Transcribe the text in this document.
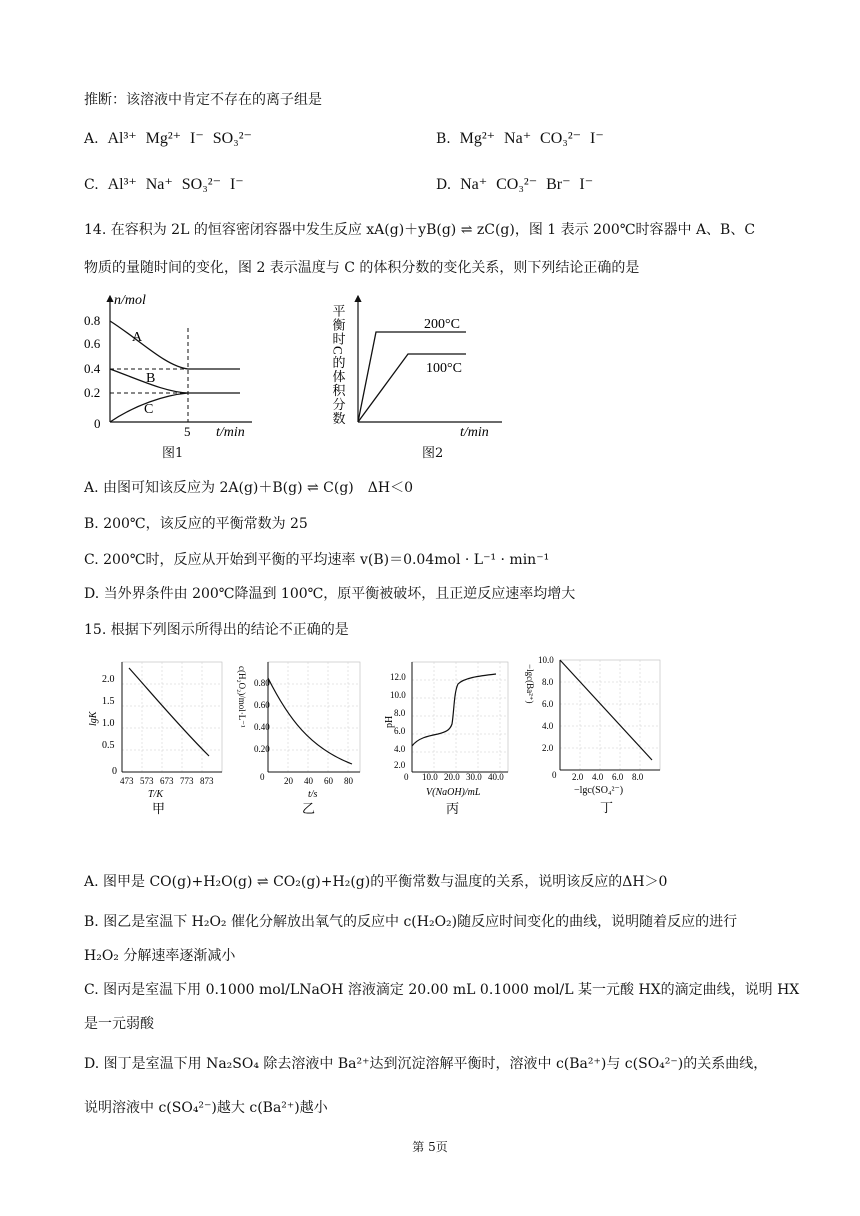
推断：该溶液中肯定不存在的离子组是
A. Al³⁺ Mg²⁺ I⁻ SO₃²⁻	B. Mg²⁺ Na⁺ CO₃²⁻ I⁻
C. Al³⁺ Na⁺ SO₃²⁻ I⁻	D. Na⁺ CO₃²⁻ Br⁻ I⁻
14. 在容积为 2L 的恒容密闭容器中发生反应 xA(g)＋yB(g) ⇌ zC(g)，图 1 表示 200℃时容器中 A、B、C
物质的量随时间的变化，图 2 表示温度与 C 的体积分数的变化关系，则下列结论正确的是
n/mol
t/min
0
0.8
0.6
0.4
0.2
5
A
B
C
图1
平衡时C的体积分数
t/min
200°C
100°C
图2
A. 由图可知该反应为 2A(g)＋B(g) ⇌ C(g)　ΔH＜0
B. 200℃，该反应的平衡常数为 25
C. 200℃时，反应从开始到平衡的平均速率 v(B)＝0.04mol · L⁻¹ · min⁻¹
D. 当外界条件由 200℃降温到 100℃，原平衡被破坏，且正逆反应速率均增大
15. 根据下列图示所得出的结论不正确的是
lgK
2.0
1.5
1.0
0.5
0
473 573 673 773 873
T/K
甲
c(H₂O₂)/mol·L⁻¹ 0.80
0.60
0.40
0.20
0 20 40 60 80
t/s
乙
pH
12.0
10.0
8.0
6.0
4.0
2.0
0 10.0 20.0 30.0 40.0
V(NaOH)/mL
丙
−lgc(Ba²⁺)
10.0
8.0
6.0
4.0
2.0
0 2.0 4.0 6.0 8.0
−lgc(SO₄²⁻)
丁
A. 图甲是 CO(g)+H₂O(g) ⇌ CO₂(g)+H₂(g)的平衡常数与温度的关系，说明该反应的ΔH＞0
B. 图乙是室温下 H₂O₂ 催化分解放出氧气的反应中 c(H₂O₂)随反应时间变化的曲线，说明随着反应的进行
H₂O₂ 分解速率逐渐减小
C. 图丙是室温下用 0.1000 mol/LNaOH 溶液滴定 20.00 mL 0.1000 mol/L 某一元酸 HX的滴定曲线，说明 HX
是一元弱酸
D. 图丁是室温下用 Na₂SO₄ 除去溶液中 Ba²⁺达到沉淀溶解平衡时，溶液中 c(Ba²⁺)与 c(SO₄²⁻)的关系曲线，
说明溶液中 c(SO₄²⁻)越大 c(Ba²⁺)越小
第 5页
